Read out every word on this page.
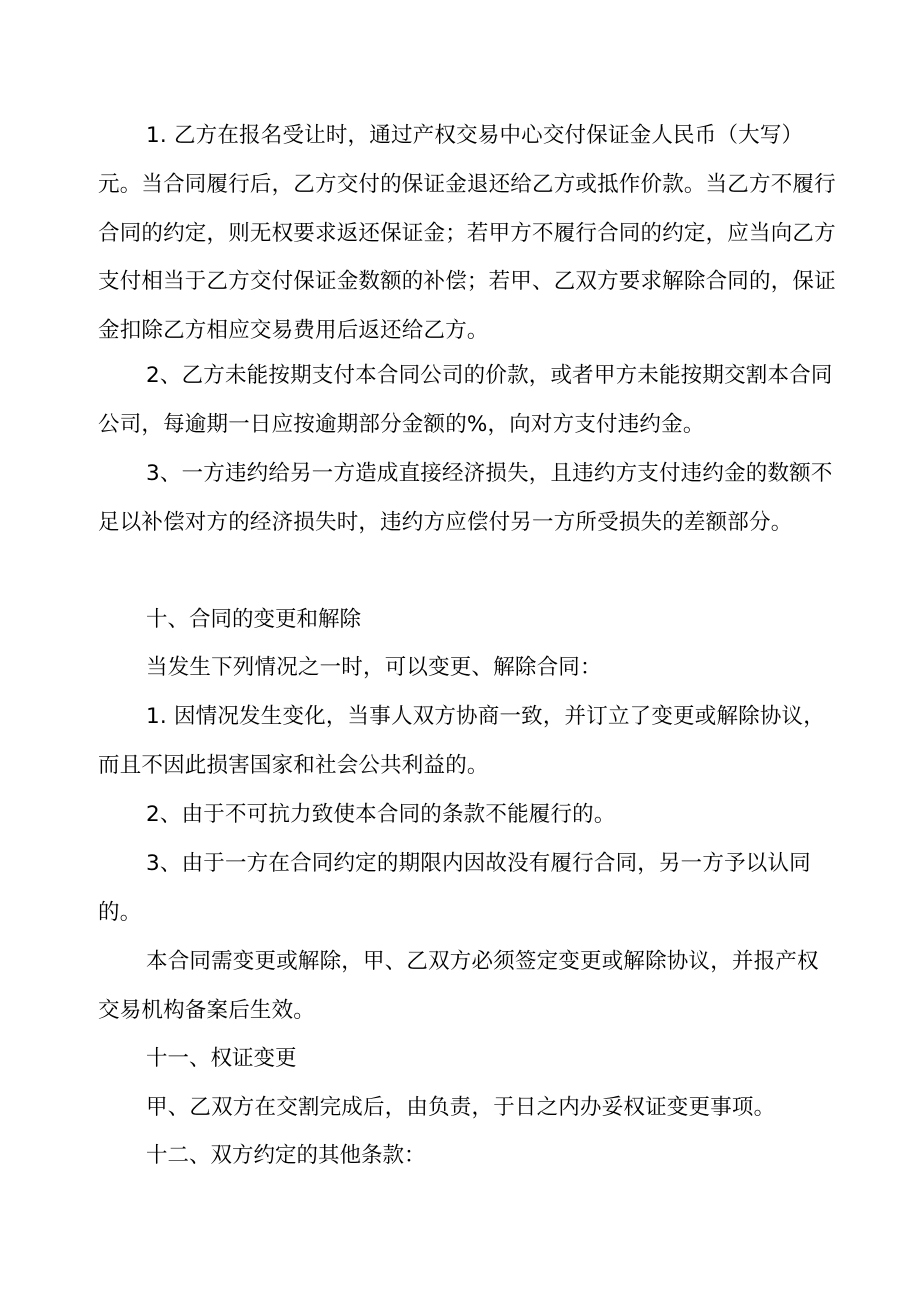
1. 乙方在报名受让时，通过产权交易中心交付保证金人民币（大写）元。当合同履行后，乙方交付的保证金退还给乙方或抵作价款。当乙方不履行合同的约定，则无权要求返还保证金；若甲方不履行合同的约定，应当向乙方支付相当于乙方交付保证金数额的补偿；若甲、乙双方要求解除合同的，保证金扣除乙方相应交易费用后返还给乙方。

2、乙方未能按期支付本合同公司的价款，或者甲方未能按期交割本合同公司，每逾期一日应按逾期部分金额的%，向对方支付违约金。

3、一方违约给另一方造成直接经济损失，且违约方支付违约金的数额不足以补偿对方的经济损失时，违约方应偿付另一方所受损失的差额部分。

十、合同的变更和解除

当发生下列情况之一时，可以变更、解除合同：

1. 因情况发生变化，当事人双方协商一致，并订立了变更或解除协议，而且不因此损害国家和社会公共利益的。

2、由于不可抗力致使本合同的条款不能履行的。

3、由于一方在合同约定的期限内因故没有履行合同，另一方予以认同的。

本合同需变更或解除，甲、乙双方必须签定变更或解除协议，并报产权交易机构备案后生效。

十一、权证变更

甲、乙双方在交割完成后，由负责，于日之内办妥权证变更事项。

十二、双方约定的其他条款：
